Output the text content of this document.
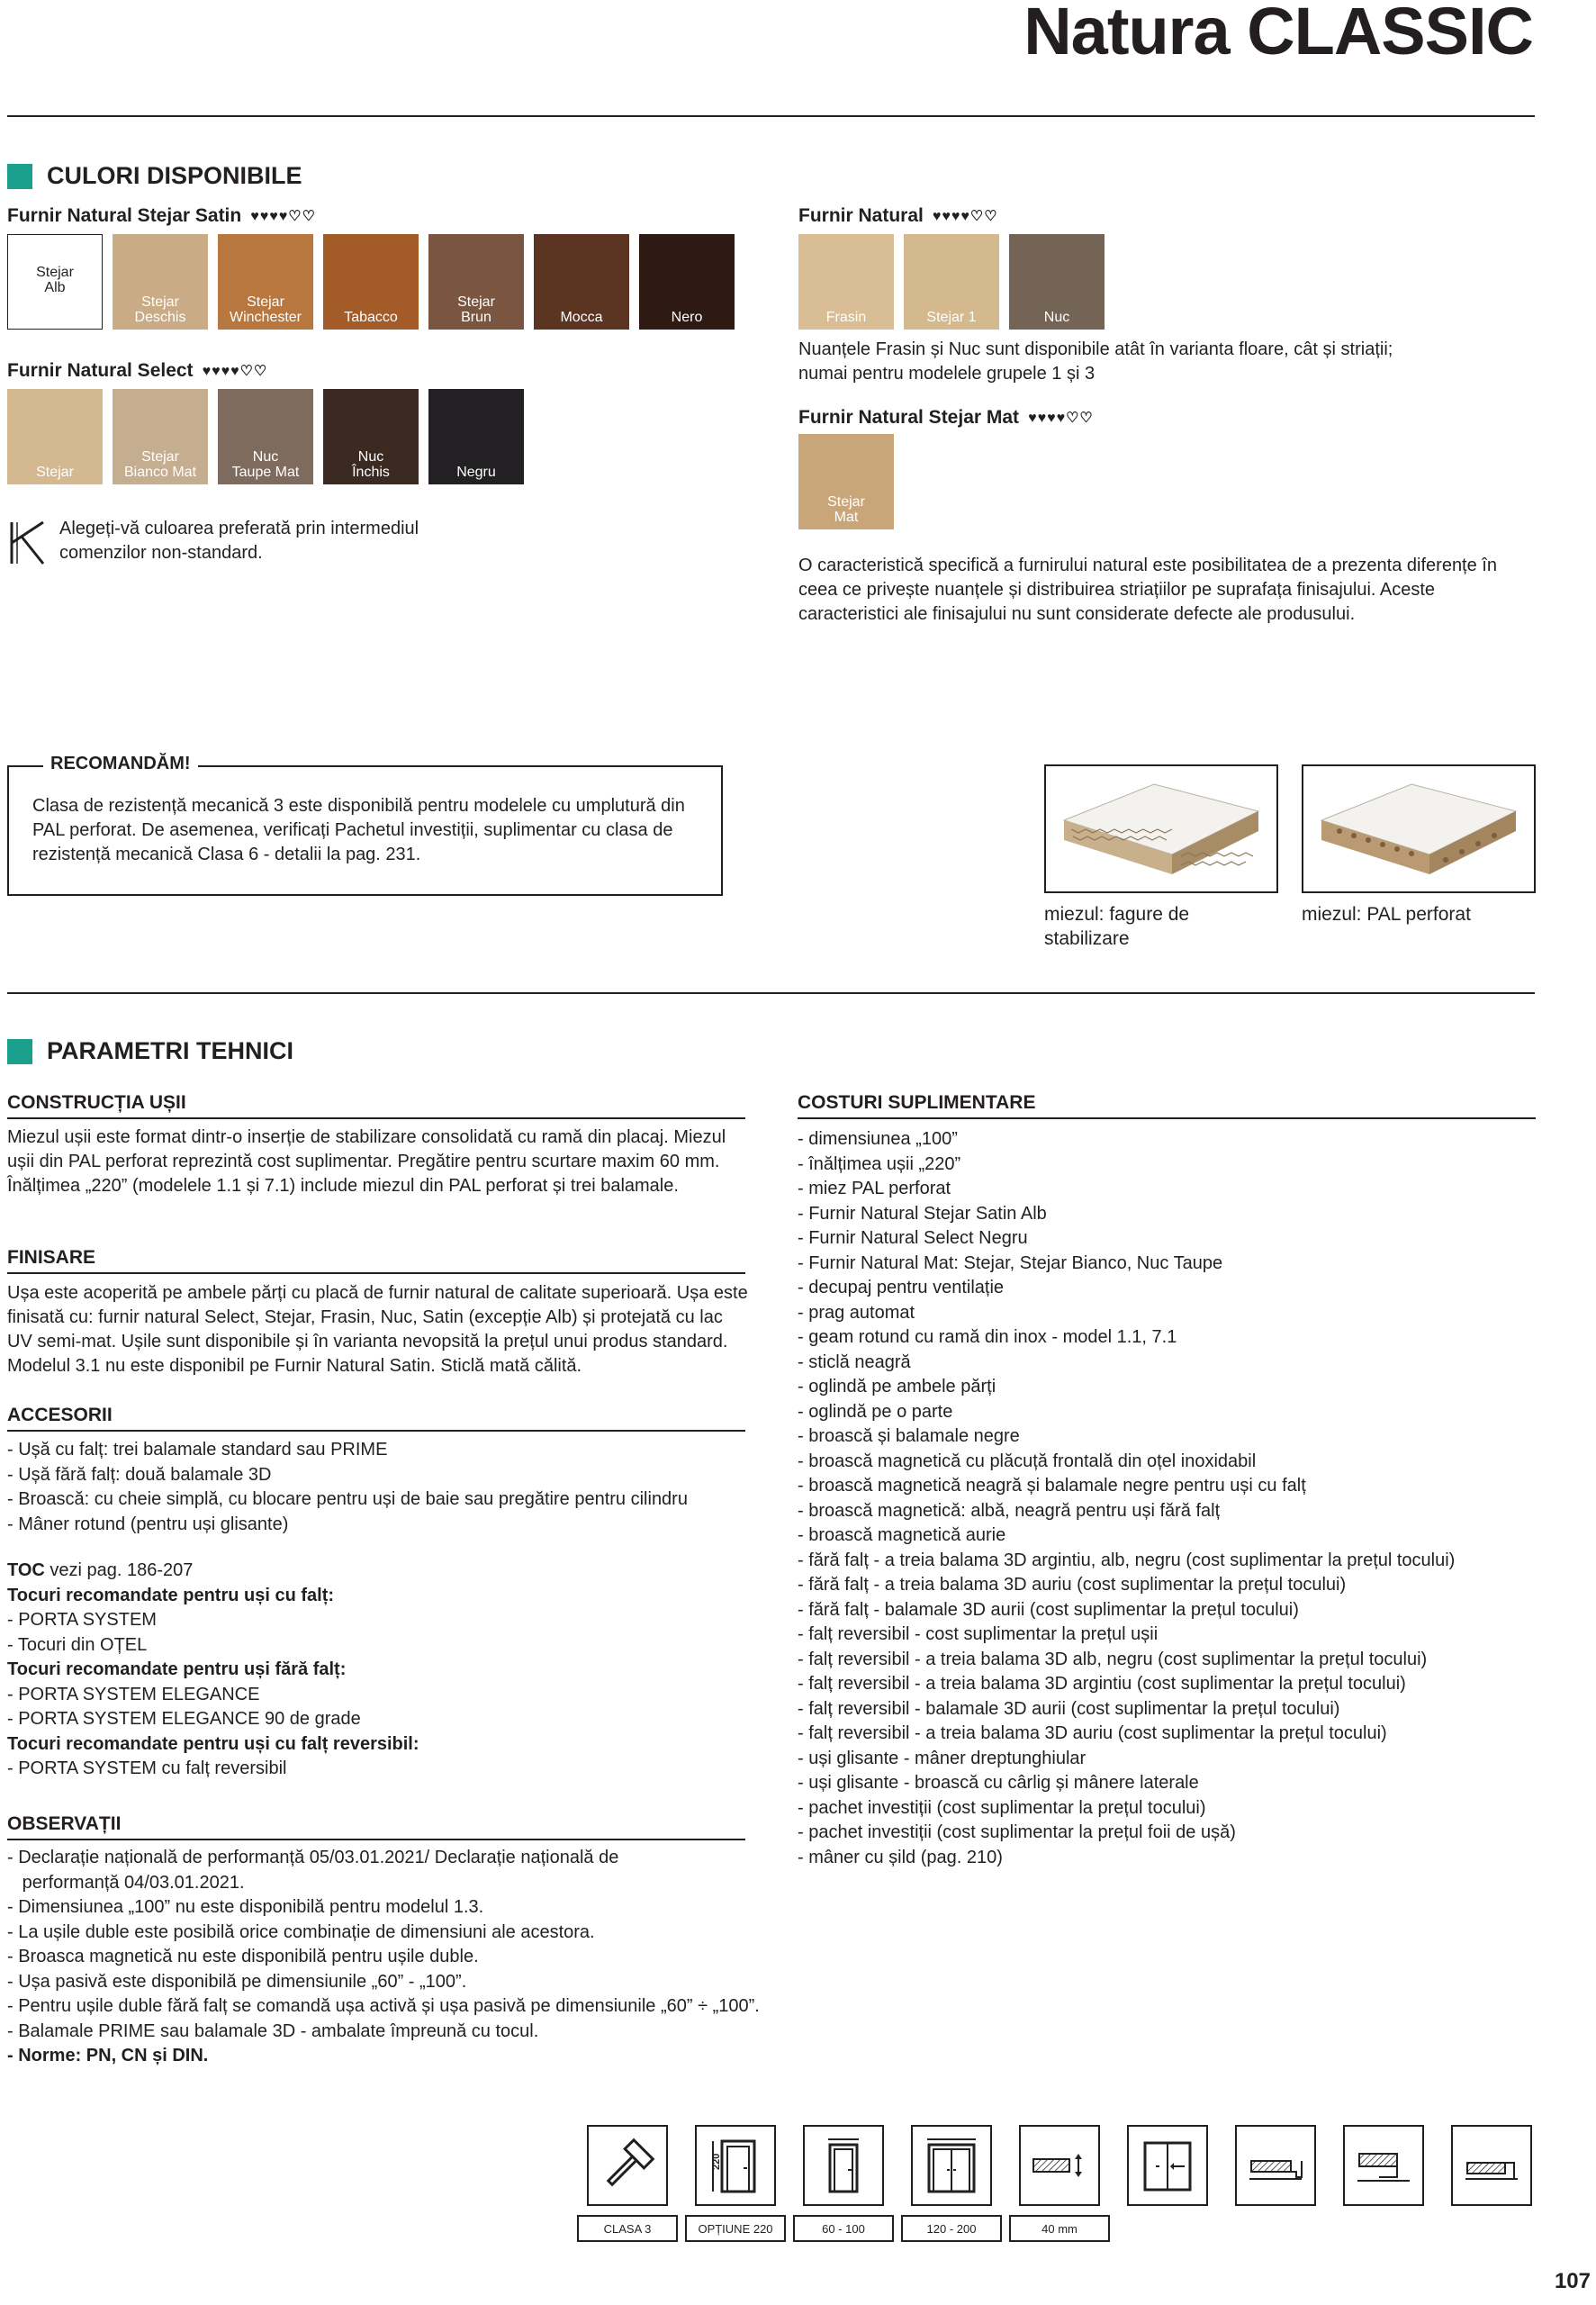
Natura CLASSIC
CULORI DISPONIBILE
Furnir Natural Stejar Satin ♥♥♥♥♡♡
Stejar
Alb
Stejar
Deschis
Stejar
Winchester	Tabacco
Stejar
Brun	Mocca	Nero
Furnir Natural Select ♥♥♥♥♡♡
Stejar
Stejar
Bianco Mat
Nuc
Taupe Mat
Nuc
Închis	Negru
Alegeți-vă culoarea preferată prin intermediul comenzilor non-standard.
Furnir Natural ♥♥♥♥♡♡
Frasin	Stejar 1	Nuc
Nuanțele Frasin și Nuc sunt disponibile atât în varianta floare, cât și striații; numai pentru modelele grupele 1 și 3
Furnir Natural Stejar Mat ♥♥♥♥♡♡
Stejar
Mat
O caracteristică specifică a furnirului natural este posibilitatea de a prezenta diferențe în ceea ce privește nuanțele și distribuirea striațiilor pe suprafața finisajului. Aceste caracteristici ale finisajului nu sunt considerate defecte ale produsului.
RECOMANDĂM!
Clasa de rezistență mecanică 3 este disponibilă pentru modelele cu umplutură din PAL perforat. De asemenea, verificați Pachetul investiții, suplimentar cu clasa de rezistență mecanică Clasa 6 - detalii la pag. 231.
miezul: fagure de stabilizare
miezul: PAL perforat
PARAMETRI TEHNICI
CONSTRUCȚIA UȘII
Miezul ușii este format dintr-o inserție de stabilizare consolidată cu ramă din placaj. Miezul ușii din PAL perforat reprezintă cost suplimentar. Pregătire pentru scurtare maxim 60 mm. Înălțimea „220” (modelele 1.1 și 7.1) include miezul din PAL perforat și trei balamale.
FINISARE
Ușa este acoperită pe ambele părți cu placă de furnir natural de calitate superioară. Ușa este finisată cu: furnir natural Select, Stejar, Frasin, Nuc, Satin (excepție Alb) și protejată cu lac UV semi-mat. Ușile sunt disponibile și în varianta nevopsită la prețul unui produs standard. Modelul 3.1 nu este disponibil pe Furnir Natural Satin. Sticlă mată călită.
ACCESORII
- Ușă cu falț: trei balamale standard sau PRIME
- Ușă fără falț: două balamale 3D
- Broască: cu cheie simplă, cu blocare pentru uși de baie sau pregătire pentru cilindru
- Mâner rotund (pentru uși glisante)
TOC vezi pag. 186-207
Tocuri recomandate pentru uși cu falț:
- PORTA SYSTEM
- Tocuri din OȚEL
Tocuri recomandate pentru uși fără falț:
- PORTA SYSTEM ELEGANCE
- PORTA SYSTEM ELEGANCE 90 de grade
Tocuri recomandate pentru uși cu falț reversibil:
- PORTA SYSTEM cu falț reversibil
OBSERVAȚII
- Declarație națională de performanță 05/03.01.2021/ Declarație națională de
performanță 04/03.01.2021.
- Dimensiunea „100” nu este disponibilă pentru modelul 1.3.
- La ușile duble este posibilă orice combinație de dimensiuni ale acestora.
- Broasca magnetică nu este disponibilă pentru ușile duble.
- Ușa pasivă este disponibilă pe dimensiunile „60” - „100”.
- Pentru ușile duble fără falț se comandă ușa activă și ușa pasivă pe dimensiunile „60” ÷ „100”.
- Balamale PRIME sau balamale 3D - ambalate împreună cu tocul.
- Norme: PN, CN și DIN.
COSTURI SUPLIMENTARE
- dimensiunea „100”
- înălțimea ușii „220”
- miez PAL perforat
- Furnir Natural Stejar Satin Alb
- Furnir Natural Select Negru
- Furnir Natural Mat: Stejar, Stejar Bianco, Nuc Taupe
- decupaj pentru ventilație
- prag automat
- geam rotund cu ramă din inox - model 1.1, 7.1
- sticlă neagră
- oglindă pe ambele părți
- oglindă pe o parte
- broască și balamale negre
- broască magnetică cu plăcuță frontală din oțel inoxidabil
- broască magnetică neagră și balamale negre pentru uși cu falț
- broască magnetică: albă, neagră pentru uși fără falț
- broască magnetică aurie
- fără falț - a treia balama 3D argintiu, alb, negru (cost suplimentar la prețul tocului)
- fără falț - a treia balama 3D auriu (cost suplimentar la prețul tocului)
- fără falț - balamale 3D aurii (cost suplimentar la prețul tocului)
- falț reversibil - cost suplimentar la prețul ușii
- falț reversibil - a treia balama 3D alb, negru (cost suplimentar la prețul tocului)
- falț reversibil - a treia balama 3D argintiu (cost suplimentar la prețul tocului)
- falț reversibil - balamale 3D aurii (cost suplimentar la prețul tocului)
- falț reversibil - a treia balama 3D auriu (cost suplimentar la prețul tocului)
- uși glisante - mâner dreptunghiular
- uși glisante - broască cu cârlig și mânere laterale
- pachet investiții (cost suplimentar la prețul tocului)
- pachet investiții (cost suplimentar la prețul foii de ușă)
- mâner cu șild (pag. 210)
220
CLASA 3	OPȚIUNE 220	60 - 100	120 - 200	40 mm
107
